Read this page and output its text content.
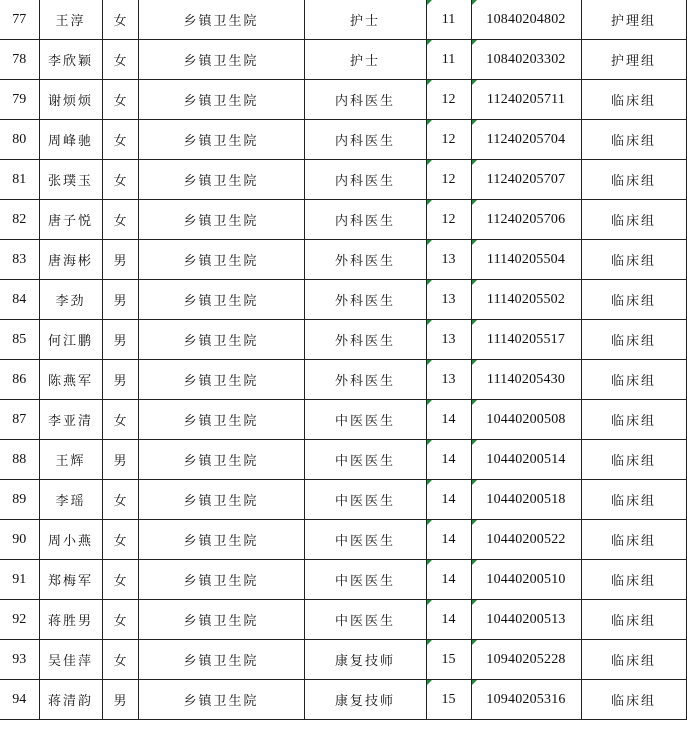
77	王淳	女	乡镇卫生院	护士	11	10840204802	护理组
78	李欣颖	女	乡镇卫生院	护士	11	10840203302	护理组
79	谢烦烦	女	乡镇卫生院	内科医生	12	11240205711	临床组
80	周峰驰	女	乡镇卫生院	内科医生	12	11240205704	临床组
81	张璞玉	女	乡镇卫生院	内科医生	12	11240205707	临床组
82	唐子悦	女	乡镇卫生院	内科医生	12	11240205706	临床组
83	唐海彬	男	乡镇卫生院	外科医生	13	11140205504	临床组
84	李劲	男	乡镇卫生院	外科医生	13	11140205502	临床组
85	何江鹏	男	乡镇卫生院	外科医生	13	11140205517	临床组
86	陈燕军	男	乡镇卫生院	外科医生	13	11140205430	临床组
87	李亚清	女	乡镇卫生院	中医医生	14	10440200508	临床组
88	王辉	男	乡镇卫生院	中医医生	14	10440200514	临床组
89	李瑶	女	乡镇卫生院	中医医生	14	10440200518	临床组
90	周小燕	女	乡镇卫生院	中医医生	14	10440200522	临床组
91	郑梅军	女	乡镇卫生院	中医医生	14	10440200510	临床组
92	蒋胜男	女	乡镇卫生院	中医医生	14	10440200513	临床组
93	吴佳萍	女	乡镇卫生院	康复技师	15	10940205228	临床组
94	蒋清韵	男	乡镇卫生院	康复技师	15	10940205316	临床组
